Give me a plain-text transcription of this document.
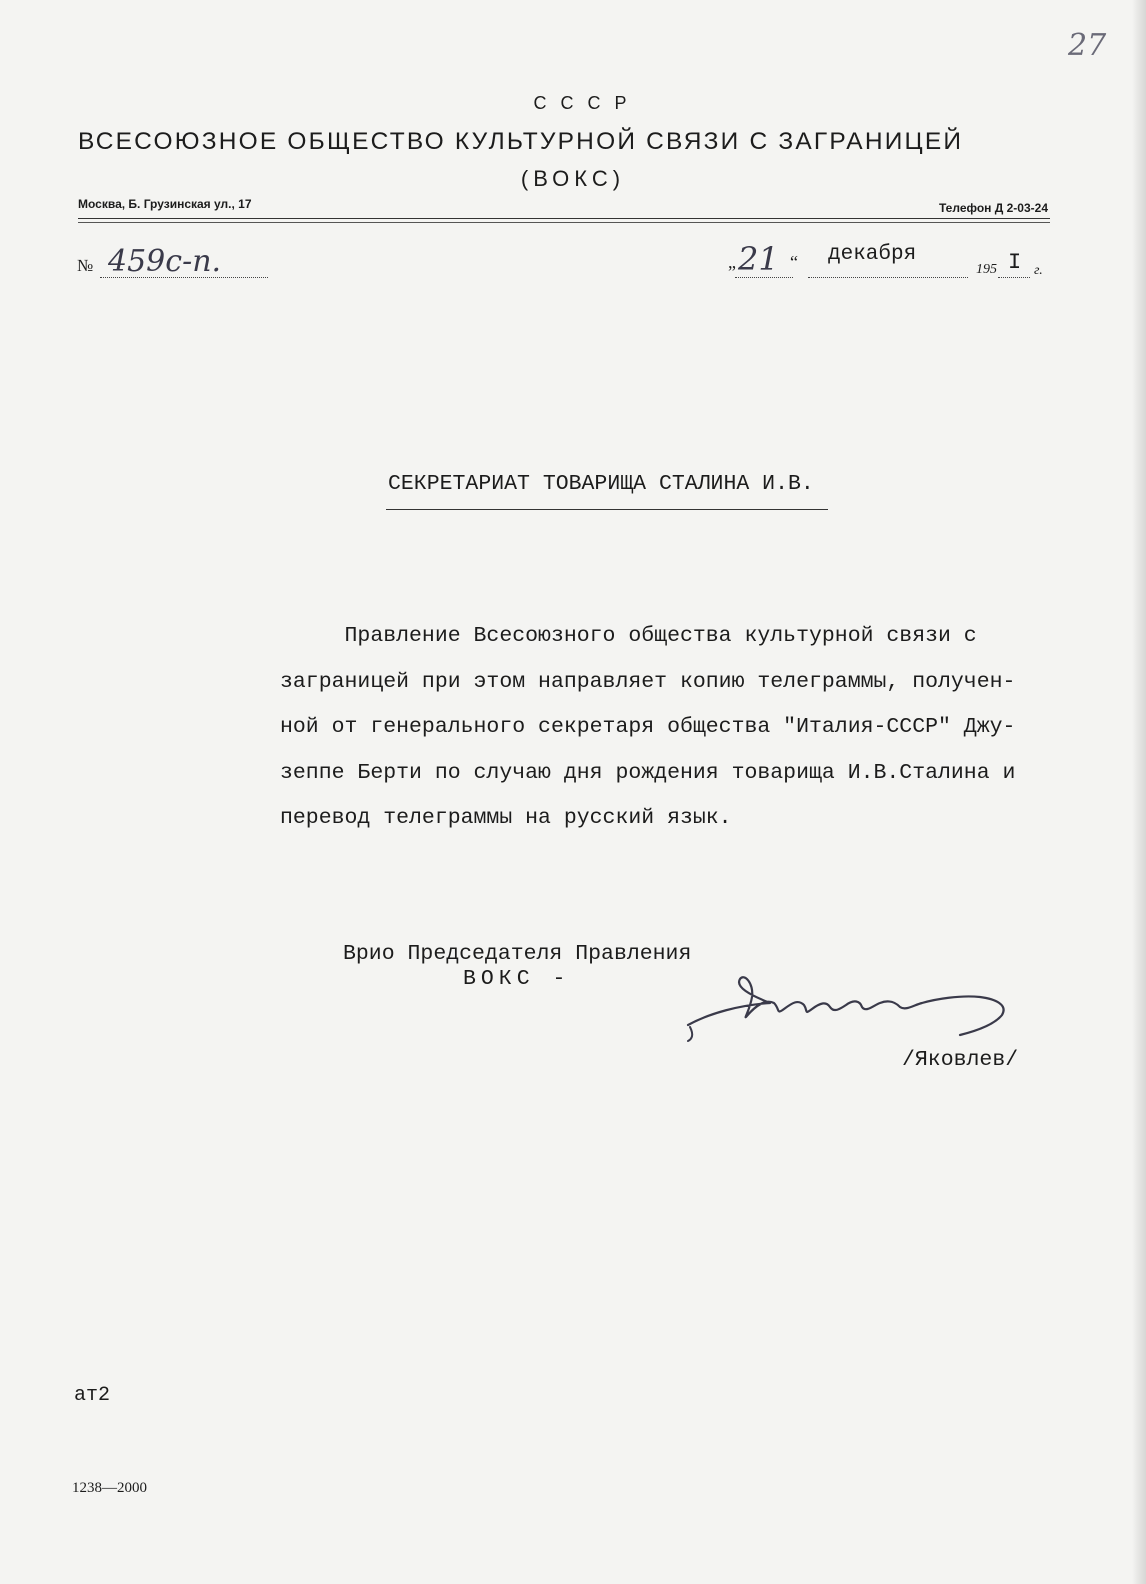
27
СССР
ВСЕСОЮЗНОЕ ОБЩЕСТВО КУЛЬТУРНОЙ СВЯЗИ С ЗАГРАНИЦЕЙ
(ВОКС)
Москва, Б. Грузинская ул., 17	Телефон Д 2-03-24
№ 459с-п.	„ 21 “ декабря
195 I г.
СЕКРЕТАРИАТ ТОВАРИЩА СТАЛИНА И.В.
Правление Всесоюзного общества культурной связи с
заграницей при этом направляет копию телеграммы, получен-
ной от генерального секретаря общества "Италия-СССР" Джу-
зеппе Берти по случаю дня рождения товарища И.В.Сталина и
перевод телеграммы на русский язык.
Врио Председателя Правления
ВОКС -
/Яковлев/
ат2
1238—2000
